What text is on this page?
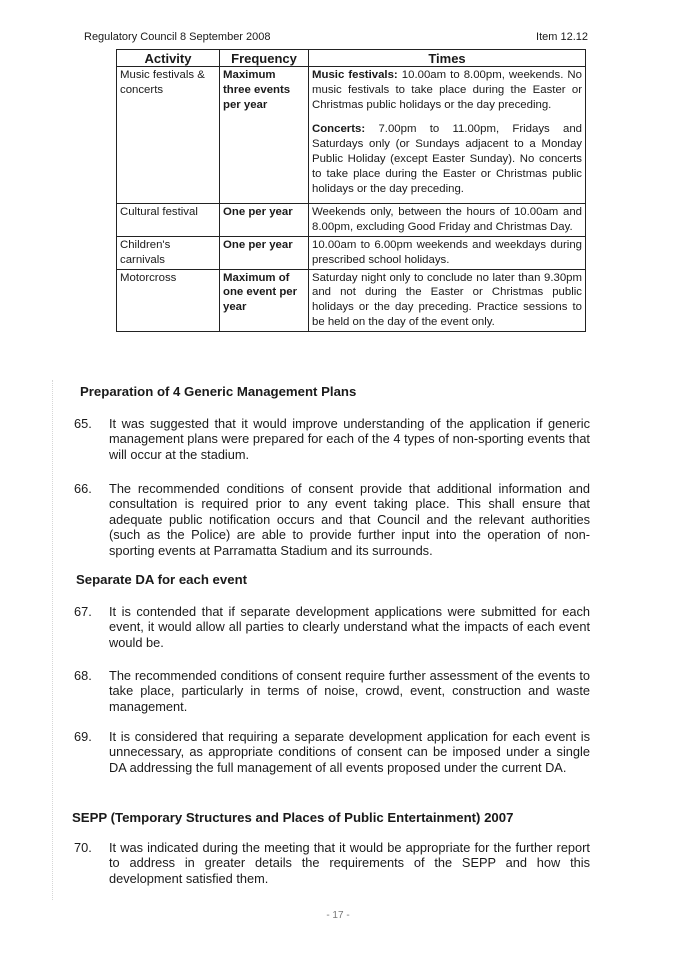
Regulatory Council 8 September 2008	Item 12.12
Activity	Frequency	Times
Music festivals & concerts	Maximum three events per year	Music festivals: 10.00am to 8.00pm, weekends. No music festivals to take place during the Easter or Christmas public holidays or the day preceding.
Concerts: 7.00pm to 11.00pm, Fridays and Saturdays only (or Sundays adjacent to a Monday Public Holiday (except Easter Sunday). No concerts to take place during the Easter or Christmas public holidays or the day preceding.

Cultural festival	One per year	Weekends only, between the hours of 10.00am and 8.00pm, excluding Good Friday and Christmas Day.
Children's carnivals	One per year	10.00am to 6.00pm weekends and weekdays during prescribed school holidays.
Motorcross	Maximum of one event per year	Saturday night only to conclude no later than 9.30pm and not during the Easter or Christmas public holidays or the day preceding. Practice sessions to be held on the day of the event only.
Preparation of 4 Generic Management Plans
65. It was suggested that it would improve understanding of the application if generic management plans were prepared for each of the 4 types of non-sporting events that will occur at the stadium.
66. The recommended conditions of consent provide that additional information and consultation is required prior to any event taking place. This shall ensure that adequate public notification occurs and that Council and the relevant authorities (such as the Police) are able to provide further input into the operation of non-sporting events at Parramatta Stadium and its surrounds.
Separate DA for each event
67. It is contended that if separate development applications were submitted for each event, it would allow all parties to clearly understand what the impacts of each event would be.
68. The recommended conditions of consent require further assessment of the events to take place, particularly in terms of noise, crowd, event, construction and waste management.
69. It is considered that requiring a separate development application for each event is unnecessary, as appropriate conditions of consent can be imposed under a single DA addressing the full management of all events proposed under the current DA.
SEPP (Temporary Structures and Places of Public Entertainment) 2007
70. It was indicated during the meeting that it would be appropriate for the further report to address in greater details the requirements of the SEPP and how this development satisfied them.
- 17 -
